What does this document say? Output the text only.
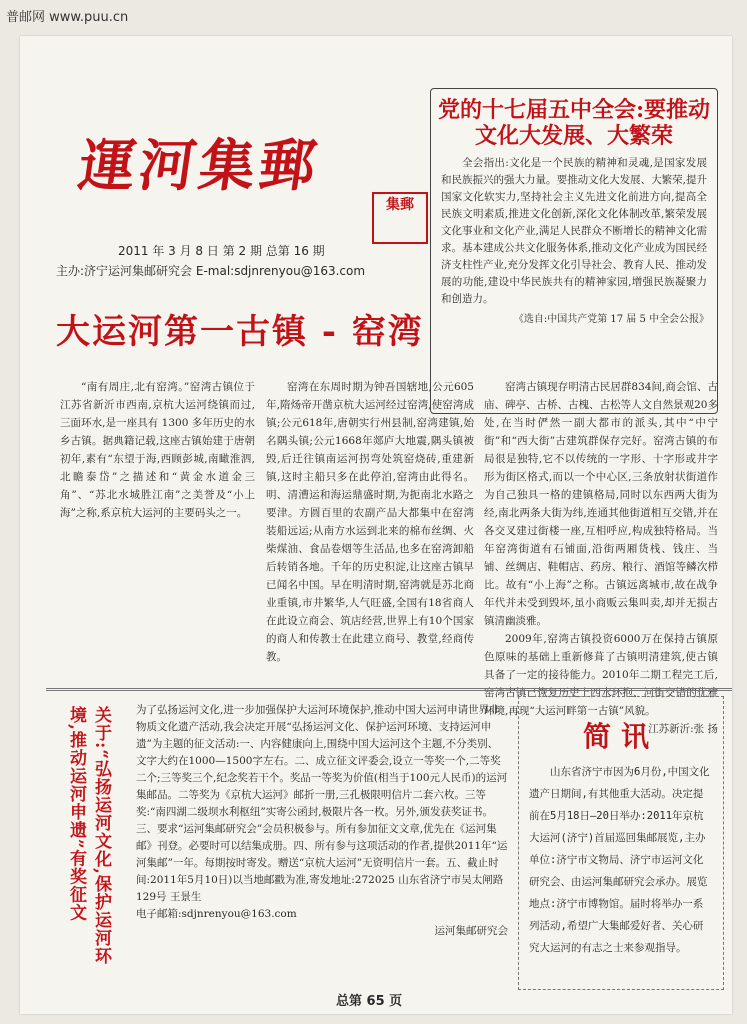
普邮网 www.puu.cn
運河集郵
集郵
2011 年 3 月 8 日 第 2 期 总第 16 期
主办:济宁运河集邮研究会 E-mal:sdjnrenyou@163.com
党的十七届五中全会:要推动文化大发展、大繁荣
全会指出:文化是一个民族的精神和灵魂,是国家发展和民族振兴的强大力量。要推动文化大发展、大繁荣,提升国家文化软实力,坚持社会主义先进文化前进方向,提高全民族文明素质,推进文化创新,深化文化体制改革,繁荣发展文化事业和文化产业,满足人民群众不断增长的精神文化需求。基本建成公共文化服务体系,推动文化产业成为国民经济支柱性产业,充分发挥文化引导社会、教育人民、推动发展的功能,建设中华民族共有的精神家园,增强民族凝聚力和创造力。
《选自:中国共产党第 17 届 5 中全会公报》
大运河第一古镇 - 窑湾

“南有周庄,北有窑湾。”窑湾古镇位于江苏省新沂市西南,京杭大运河绕镇而过,三面环水,是一座具有 1300 多年历史的水乡古镇。据典籍记载,这座古镇始建于唐朝初年,素有“东望于海,西顾彭城,南瞰淮泗,北瞻泰岱”之描述和“黄金水道金三角”、“苏北水城胜江南”之美誉及“小上海”之称,系京杭大运河的主要码头之一。

窑湾在东周时期为钟吾国辖地,公元605年,隋炀帝开凿京杭大运河经过窑湾,使窑湾成镇;公元618年,唐朝实行州县制,窑湾建镇,始名隅头镇;公元1668年郯庐大地震,隅头镇被毁,后迁往镇南运河拐弯处筑窑烧砖,重建新镇,这时主船只多在此停泊,窑湾由此得名。明、清漕运和海运鼎盛时期,为扼南北水路之要津。方圆百里的农副产品大都集中在窑湾装船远运;从南方水运到北来的棉布丝绸、火柴煤油、食品卷烟等生活品,也多在窑湾卸船后转销各地。千年的历史积淀,让这座古镇早已闻名中国。早在明清时期,窑湾就是苏北商业重镇,市井繁华,人气旺盛,全国有18省商人在此设立商会、筑店经营,世界上有10个国家的商人和传教士在此建立商号、教堂,经商传教。

窑湾古镇现存明清古民居群834间,商会馆、古庙、碑亭、古桥、古槐、古松等人文自然景观20多处,在当时俨然一副大都市的派头,其中“中宁街”和“西大街”古建筑群保存完好。窑湾古镇的布局很是独特,它不以传统的一字形、十字形或井字形为街区格式,而以一个中心区,三条放射状街道作为自己独具一格的建镇格局,同时以东西两大街为经,南北两条大街为纬,连通其他街道相互交错,并在各交叉建过街楼一座,互相呼应,构成独特格局。当年窑湾街道有石铺面,沿街两厢货栈、钱庄、当铺、丝绸店、鞋帽店、药房、粮行、酒馆等鳞次栉比。故有“小上海”之称。古镇远离城市,故在战争年代并未受到毁坏,虽小商贩云集叫卖,却并无损古镇清幽淡雅。

2009年,窑湾古镇投资6000万在保持古镇原色原味的基础上重新修葺了古镇明清建筑,使古镇具备了一定的接待能力。2010年二期工程完工后,窑湾古镇已恢复历史上四水环抱、河街交错的优雅环境,再现“大运河畔第一古镇”风貌。

江苏新沂:张 扬

关于:“弘扬运河文化,保护运河环境,推动运河申遗”有奖征文	为了弘扬运河文化,进一步加强保护大运河环境保护,推动中国大运河申请世界非物质文化遗产活动,我会决定开展“弘扬运河文化、保护运河环境、支持运河申遗”为主题的征文活动:一、内容健康向上,围绕中国大运河这个主题,不分类别、文字大约在1000—1500字左右。二、成立征文评委会,设立一等奖一个,二等奖二个;三等奖三个,纪念奖若干个。奖品一等奖为价值(相当于100元人民币)的运河集邮品。二等奖为《京杭大运河》邮折一册,三孔极限明信片二套六枚。三等奖:“南四湖二级坝水利枢纽”实寄公函封,极限片各一枚。另外,颁发获奖证书。三、要求“运河集邮研究会”会员积极参与。所有参加征文文章,优先在《运河集邮》刊登。必要时可以结集成册。四、所有参与这项活动的作者,提供2011年“运河集邮”一年。每期按时寄发。赠送“京杭大运河”无资明信片一套。五、截止时间:2011年5月10日)以当地邮戳为准,寄发地址:272025 山东省济宁市吴太闸路129号 王景生

电子邮箱:sdjnrenyou@163.com

运河集邮研究会

简讯
山东省济宁市因为6月份,中国文化遗产日期间,有其他重大活动。决定提前在5月18日—20日举办:2011年京杭大运河(济宁)首届巡回集邮展览,主办单位:济宁市文物局、济宁市运河文化研究会、由运河集邮研究会承办。展览地点:济宁市博物馆。届时将举办一系列活动,希望广大集邮爱好者、关心研究大运河的有志之士来参观指导。
总第 65 页
